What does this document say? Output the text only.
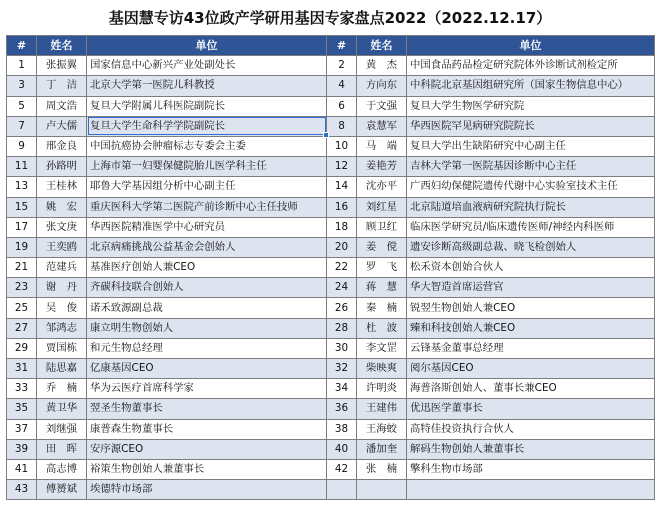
基因慧专访43位政产学研用基因专家盘点2022（2022.12.17）
#	姓名	单位	#	姓名	单位
1	张振翼	国家信息中心新兴产业处副处长	2	黄　杰	中国食品药品检定研究院体外诊断试剂检定所
3	丁　洁	北京大学第一医院儿科教授	4	方向东	中科院北京基因组研究所（国家生物信息中心）
5	周文浩	复旦大学附属儿科医院副院长	6	于文强	复旦大学生物医学研究院
7	卢大儒	复旦大学生命科学学院副院长	8	袁慧军	华西医院罕见病研究院院长
9	邢金良	中国抗癌协会肿瘤标志专委会主委	10	马　端	复旦大学出生缺陷研究中心副主任
11	孙路明	上海市第一妇婴保健院胎儿医学科主任	12	姜艳芳	吉林大学第一医院基因诊断中心主任
13	王桂林	耶鲁大学基因组分析中心副主任	14	沈亦平	广西妇幼保健院遗传代谢中心实验室技术主任
15	姚　宏	重庆医科大学第二医院产前诊断中心主任技师	16	刘红星	北京陆道培血液病研究院执行院长
17	张文庚	华西医院精准医学中心研究员	18	顾卫红	临床医学研究员/临床遗传医师/神经内科医师
19	王奕鸥	北京病痛挑战公益基金会创始人	20	姜　傥	遗安诊断高级副总裁、晓飞检创始人
21	范建兵	基准医疗创始人兼CEO	22	罗　飞	松禾资本创始合伙人
23	谢　丹	齐碳科技联合创始人	24	蒋　慧	华大智造首席运营官
25	吴　俊	诺禾致源副总裁	26	秦　楠	锐翌生物创始人兼CEO
27	邹鸿志	康立明生物创始人	28	杜　波	臻和科技创始人兼CEO
29	贾国栋	和元生物总经理	30	李文罡	云锋基金董事总经理
31	陆思嘉	亿康基因CEO	32	柴映爽	阅尔基因CEO
33	乔　楠	华为云医疗首席科学家	34	许明炎	海普洛斯创始人、董事长兼CEO
35	黄卫华	翌圣生物董事长	36	王建伟	优迅医学董事长
37	刘继强	康普森生物董事长	38	王海蛟	高特佳投资执行合伙人
39	田　晖	安序源CEO	40	潘加奎	解码生物创始人兼董事长
41	高志博	裕策生物创始人兼董事长	42	张　楠	擎科生物市场部
43	傅赟斌	埃德特市场部			
